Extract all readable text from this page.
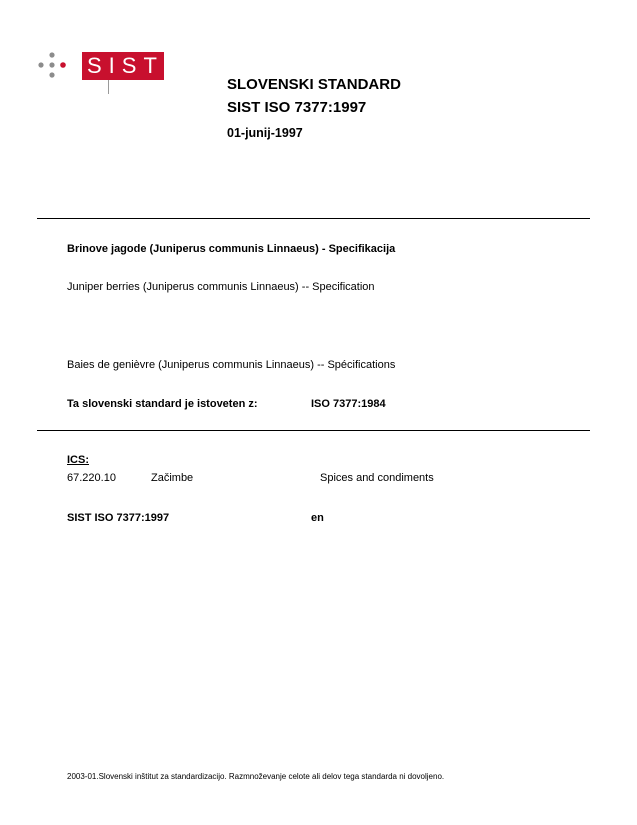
SIST
SLOVENSKI STANDARD
SIST ISO 7377:1997
01-junij-1997
Brinove jagode (Juniperus communis Linnaeus) - Specifikacija
Juniper berries (Juniperus communis Linnaeus) -- Specification
Baies de genièvre (Juniperus communis Linnaeus) -- Spécifications
Ta slovenski standard je istoveten z:	ISO 7377:1984
ICS:
67.220.10	Začimbe	Spices and condiments
SIST ISO 7377:1997	en
2003-01.Slovenski inštitut za standardizacijo. Razmnoževanje celote ali delov tega standarda ni dovoljeno.
